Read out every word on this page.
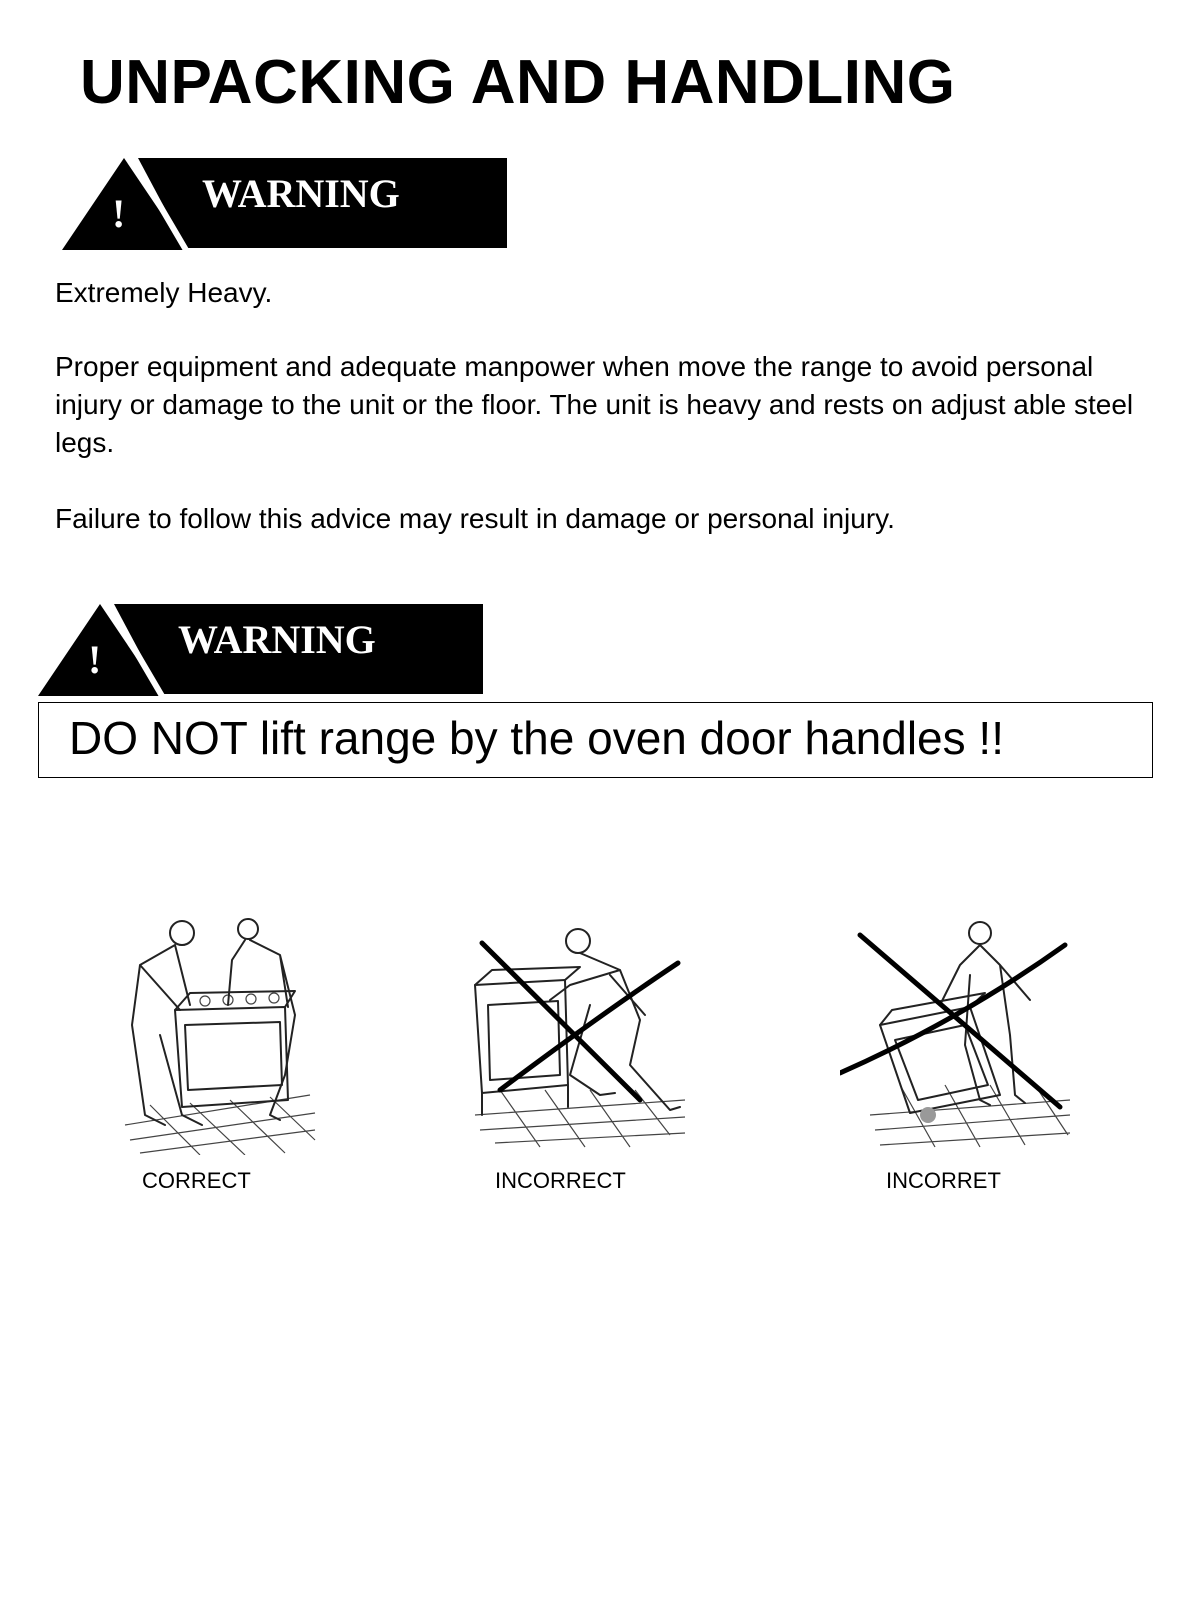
UNPACKING AND HANDLING
! WARNING

Extremely Heavy.

Proper equipment and adequate manpower when move the range to avoid personal injury or damage to the unit or the floor. The unit is heavy and rests on adjust able steel legs.

Failure to follow this advice may result in damage or personal injury.

! WARNING
DO NOT lift range by the oven door handles !!
CORRECT	INCORRECT	INCORRET
